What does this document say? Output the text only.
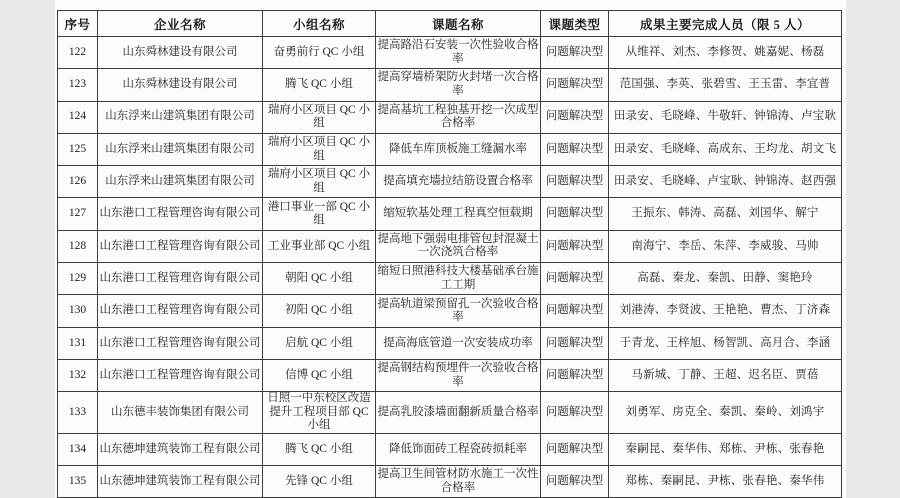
序号	企业名称	小组名称	课题名称	课题类型	成果主要完成人员（限 5 人）
122	山东舜林建设有限公司	奋勇前行 QC 小组	提高路沿石安装一次性验收合格率	问题解决型	从维祥、刘杰、李修贺、姚嘉妮、杨磊
123	山东舜林建设有限公司	腾飞 QC 小组	提高穿墙桥架防火封堵一次合格率	问题解决型	范国强、李英、张碧雪、王玉雷、李宜普
124	山东浮来山建筑集团有限公司	瑞府小区项目 QC 小组	提高基坑工程独基开挖一次成型合格率	问题解决型	田录安、毛晓峰、牛敬轩、钟锦涛、卢宝耿
125	山东浮来山建筑集团有限公司	瑞府小区项目 QC 小组	降低车库顶板施工缝漏水率	问题解决型	田录安、毛晓峰、高成东、王均龙、胡文飞
126	山东浮来山建筑集团有限公司	瑞府小区项目 QC 小组	提高填充墙拉结筋设置合格率	问题解决型	田录安、毛晓峰、卢宝耿、钟锦涛、赵西强
127	山东港口工程管理咨询有限公司	港口事业一部 QC 小组	缩短软基处理工程真空恒载期	问题解决型	王振东、韩涛、高磊、刘国华、解宁
128	山东港口工程管理咨询有限公司	工业事业部 QC 小组	提高地下强弱电排管包封混凝土一次浇筑合格率	问题解决型	南海宁、李岳、朱萍、李威骏、马帅
129	山东港口工程管理咨询有限公司	朝阳 QC 小组	缩短日照港科技大楼基础承台施工工期	问题解决型	高磊、秦龙、秦凯、田静、窦艳玲
130	山东港口工程管理咨询有限公司	初阳 QC 小组	提高轨道梁预留孔一次验收合格率	问题解决型	刘港涛、李贤波、王艳艳、曹杰、丁济森
131	山东港口工程管理咨询有限公司	启航 QC 小组	提高海底管道一次安装成功率	问题解决型	于青龙、王梓旭、杨智凯、高月合、李涵
132	山东港口工程管理咨询有限公司	信博 QC 小组	提高钢结构预埋件一次验收合格率	问题解决型	马新城、丁静、王超、迟名臣、贾蓓
133	山东德丰装饰集团有限公司	日照一中东校区改造提升工程项目部 QC 小组	提高乳胶漆墙面翻新质量合格率	问题解决型	刘勇军、房克全、秦凯、秦岭、刘鸿宇
134	山东德坤建筑装饰工程有限公司	腾飞 QC 小组	降低饰面砖工程瓷砖损耗率	问题解决型	秦嗣昆、秦华伟、郑栋、尹栋、张春艳
135	山东德坤建筑装饰工程有限公司	先锋 QC 小组	提高卫生间管材防水施工一次性合格率	问题解决型	郑栋、秦嗣昆、尹栋、张春艳、秦华伟
